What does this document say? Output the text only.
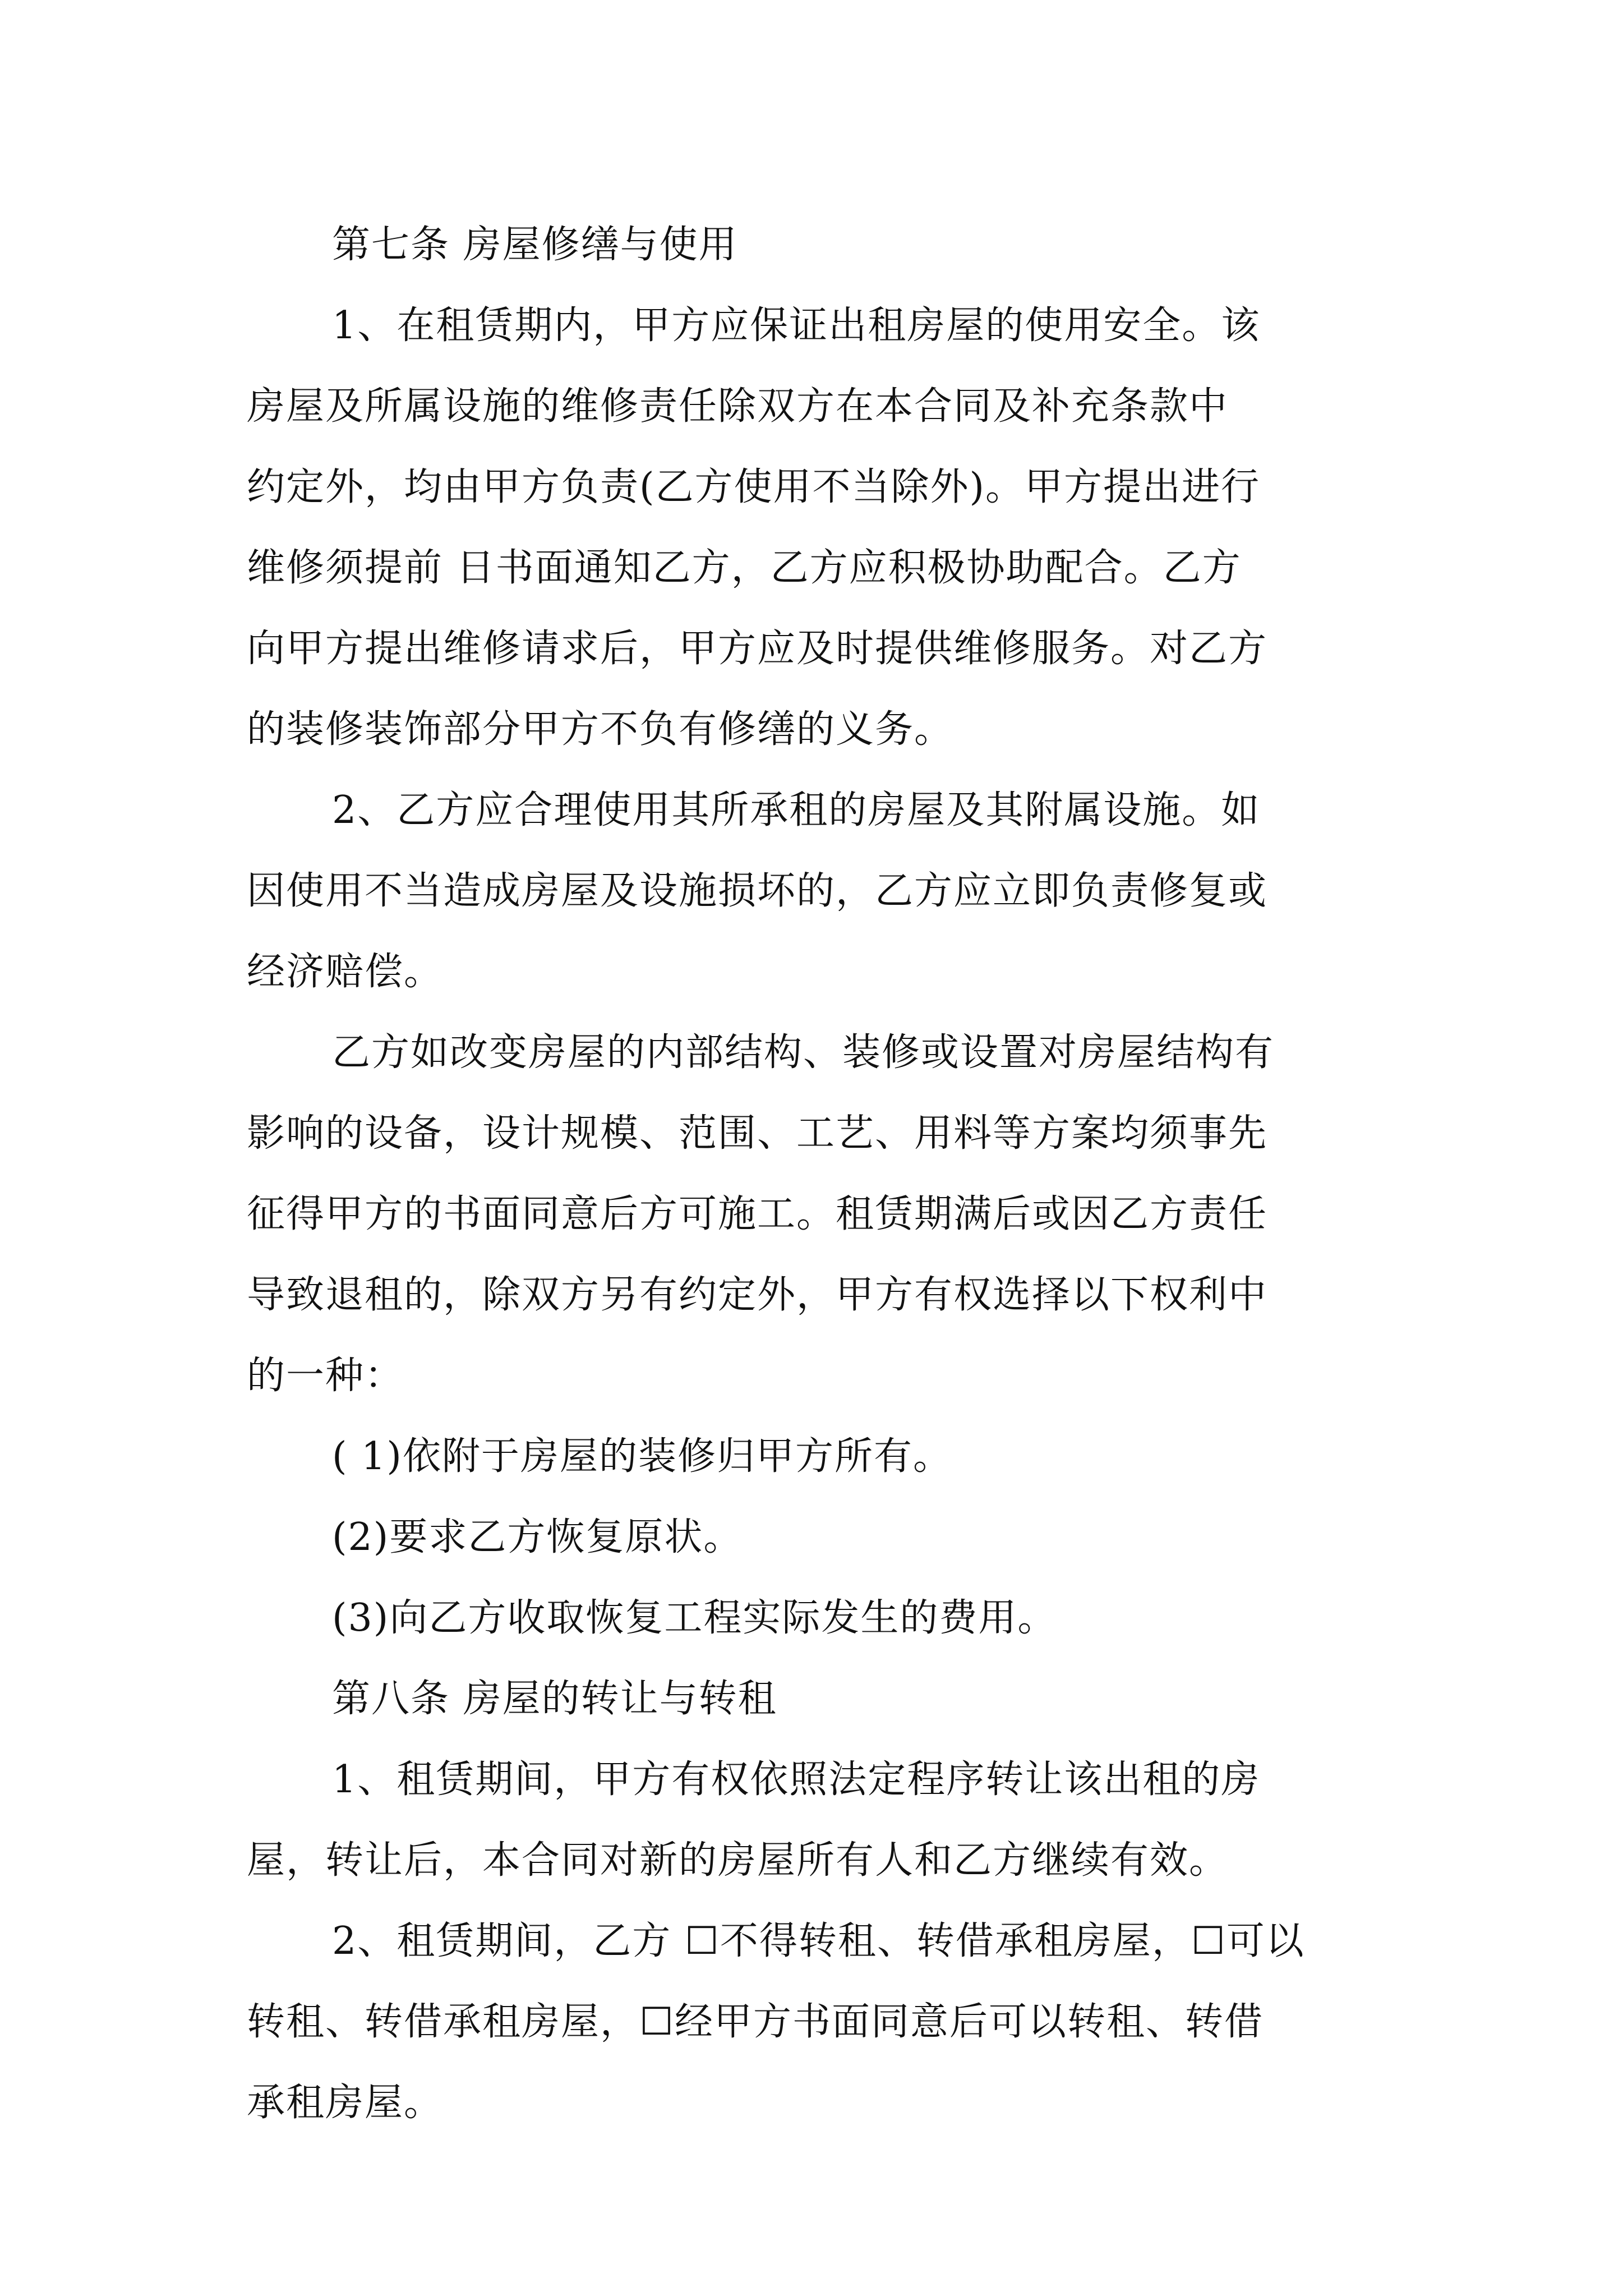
第七条 房屋修缮与使用
1、在租赁期内，甲方应保证出租房屋的使用安全。该
房屋及所属设施的维修责任除双方在本合同及补充条款中
约定外，均由甲方负责(乙方使用不当除外)。甲方提出进行
维修须提前 日书面通知乙方，乙方应积极协助配合。乙方
向甲方提出维修请求后，甲方应及时提供维修服务。对乙方
的装修装饰部分甲方不负有修缮的义务。
2、乙方应合理使用其所承租的房屋及其附属设施。如
因使用不当造成房屋及设施损坏的，乙方应立即负责修复或
经济赔偿。
乙方如改变房屋的内部结构、装修或设置对房屋结构有
影响的设备，设计规模、范围、工艺、用料等方案均须事先
征得甲方的书面同意后方可施工。租赁期满后或因乙方责任
导致退租的，除双方另有约定外，甲方有权选择以下权利中
的一种：
( 1)依附于房屋的装修归甲方所有。
(2)要求乙方恢复原状。
(3)向乙方收取恢复工程实际发生的费用。
第八条 房屋的转让与转租
1、租赁期间，甲方有权依照法定程序转让该出租的房
屋，转让后，本合同对新的房屋所有人和乙方继续有效。
2、租赁期间，乙方 ☐不得转租、转借承租房屋，☐可以
转租、转借承租房屋，☐经甲方书面同意后可以转租、转借
承租房屋。
